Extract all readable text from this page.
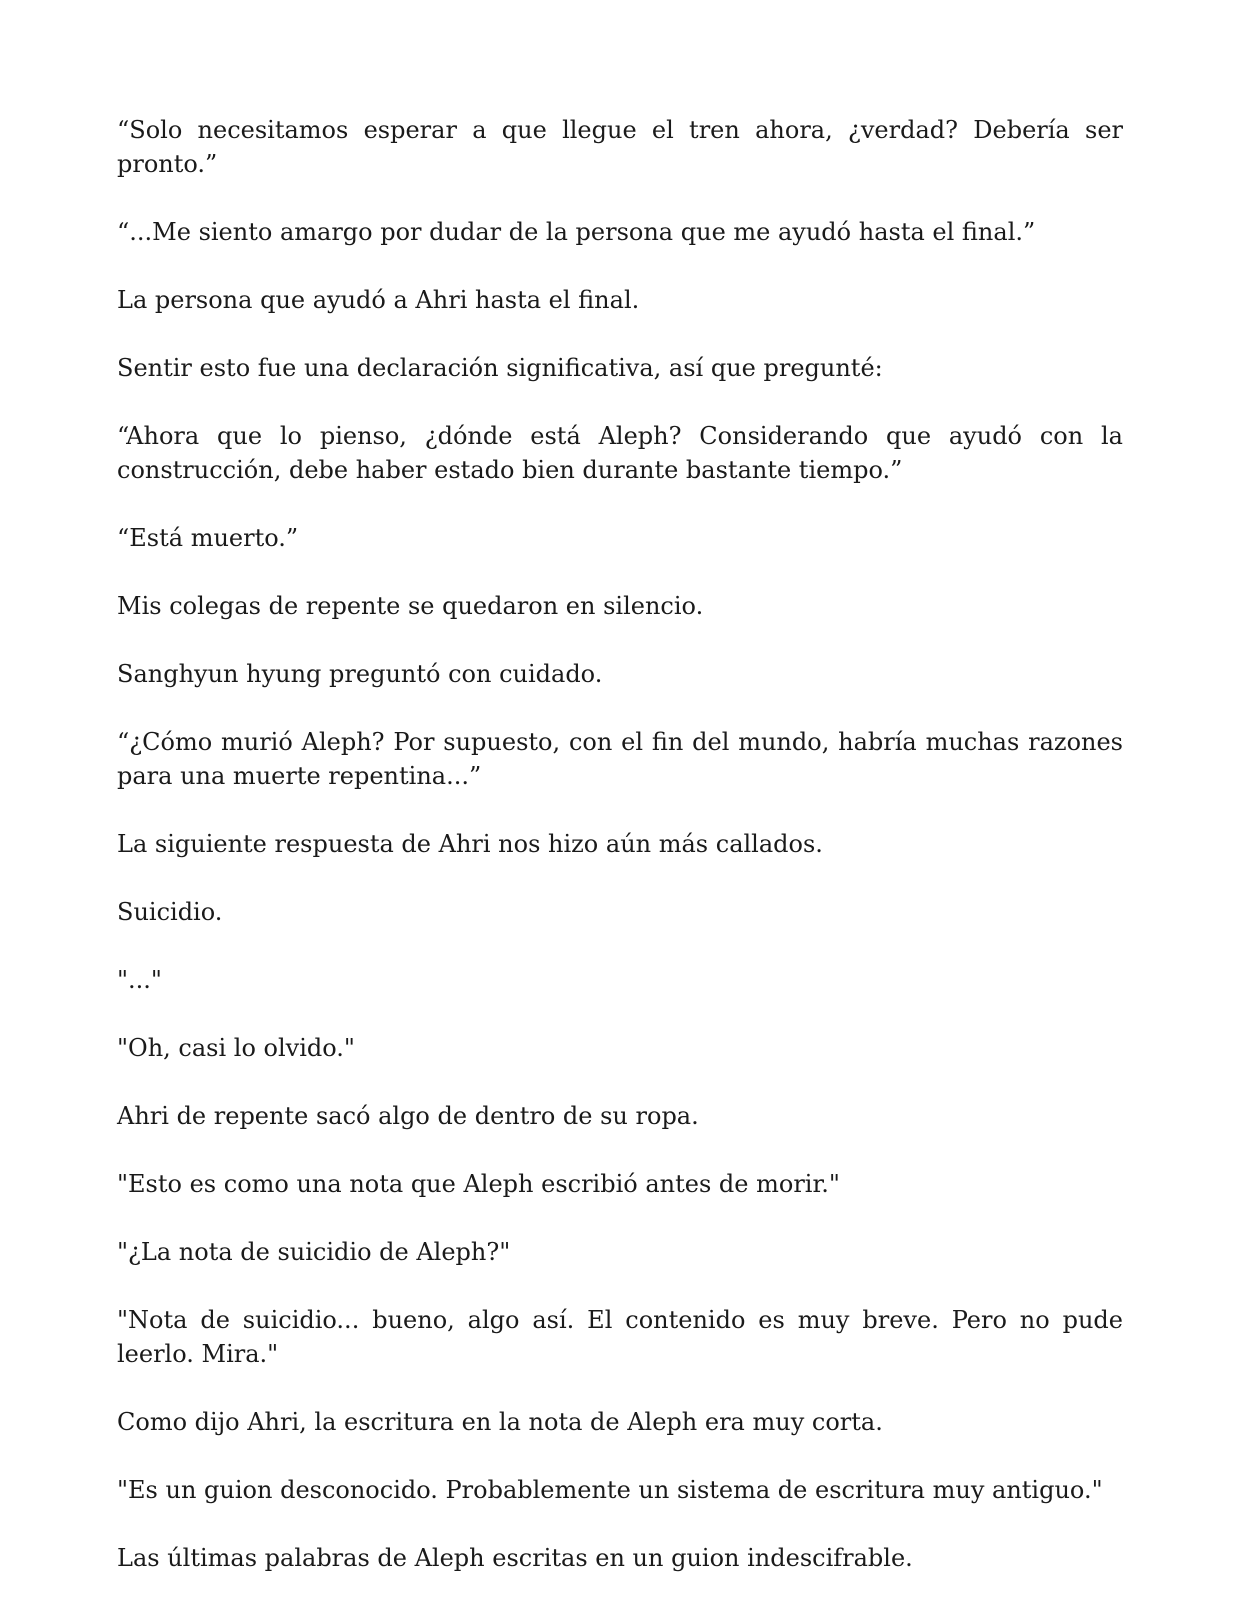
“Solo necesitamos esperar a que llegue el tren ahora, ¿verdad? Debería ser pronto.”

“...Me siento amargo por dudar de la persona que me ayudó hasta el final.”

La persona que ayudó a Ahri hasta el final.

Sentir esto fue una declaración significativa, así que pregunté:

“Ahora que lo pienso, ¿dónde está Aleph? Considerando que ayudó con la construcción, debe haber estado bien durante bastante tiempo.”

“Está muerto.”

Mis colegas de repente se quedaron en silencio.

Sanghyun hyung preguntó con cuidado.

“¿Cómo murió Aleph? Por supuesto, con el fin del mundo, habría muchas razones para una muerte repentina...”

La siguiente respuesta de Ahri nos hizo aún más callados.

Suicidio.

"..."

"Oh, casi lo olvido."

Ahri de repente sacó algo de dentro de su ropa.

"Esto es como una nota que Aleph escribió antes de morir."

"¿La nota de suicidio de Aleph?"

"Nota de suicidio... bueno, algo así. El contenido es muy breve. Pero no pude leerlo. Mira."

Como dijo Ahri, la escritura en la nota de Aleph era muy corta.

"Es un guion desconocido. Probablemente un sistema de escritura muy antiguo."

Las últimas palabras de Aleph escritas en un guion indescifrable.
